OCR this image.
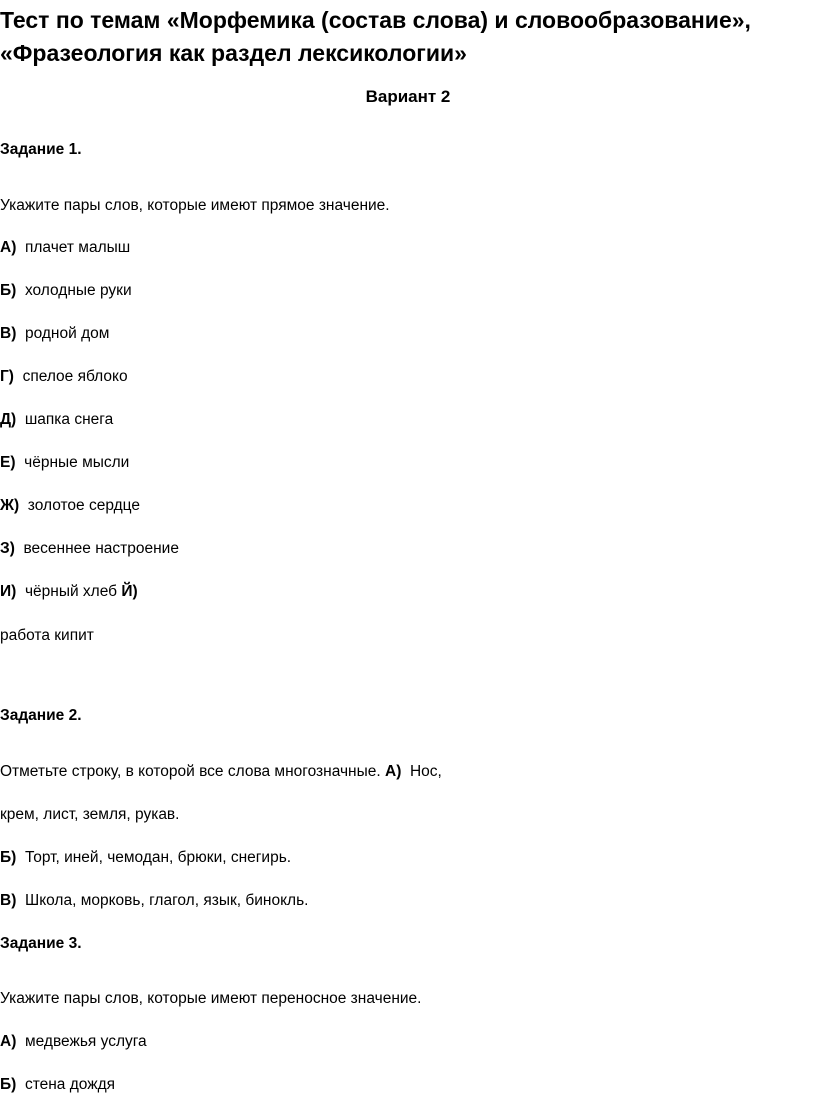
Тест по темам «Морфемика (состав слова) и словообразование»,
«Фразеология как раздел лексикологии»
Вариант 2
Задание 1.
Укажите пары слов, которые имеют прямое значение.
А) плачет малыш
Б) холодные руки
В) родной дом
Г) спелое яблоко
Д) шапка снега
Е) чёрные мысли
Ж) золотое сердце
З) весеннее настроение
И) чёрный хлеб Й)
работа кипит
Задание 2.
Отметьте строку, в которой все слова многозначные. А) Нос,
крем, лист, земля, рукав.
Б) Торт, иней, чемодан, брюки, снегирь.
В) Школа, морковь, глагол, язык, бинокль.
Задание 3.
Укажите пары слов, которые имеют переносное значение.
А) медвежья услуга
Б) стена дождя
